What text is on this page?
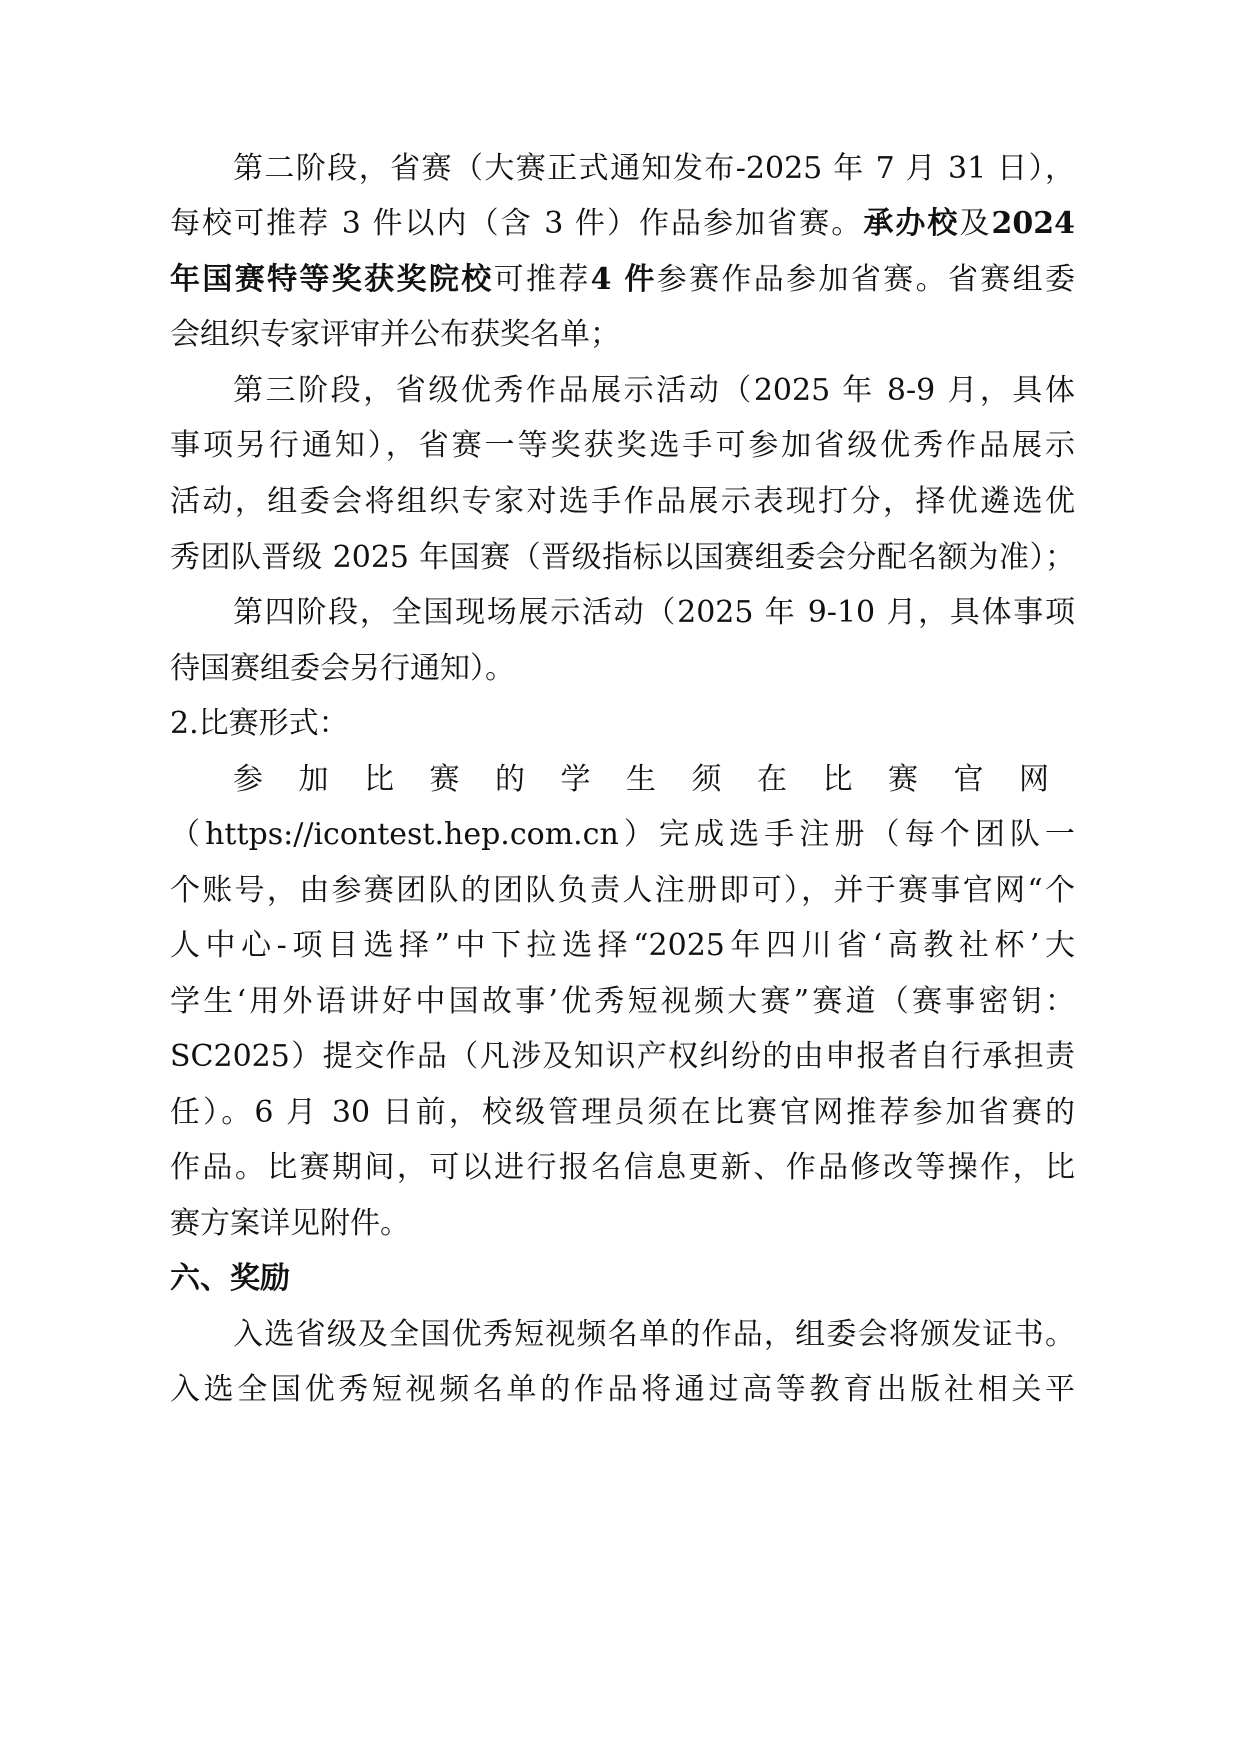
第二阶段，省赛（大赛正式通知发布-2025 年 7 月 31 日），
每校可推荐 3 件以内（含 3 件）作品参加省赛。承办校及2024
年国赛特等奖获奖院校可推荐4 件参赛作品参加省赛。省赛组委
会组织专家评审并公布获奖名单；
第三阶段，省级优秀作品展示活动（2025 年 8-9 月，具体
事项另行通知），省赛一等奖获奖选手可参加省级优秀作品展示
活动，组委会将组织专家对选手作品展示表现打分，择优遴选优
秀团队晋级 2025 年国赛（晋级指标以国赛组委会分配名额为准）；
第四阶段，全国现场展示活动（2025 年 9-10 月，具体事项
待国赛组委会另行通知）。
2.比赛形式：
参加比赛的学生须在比赛官网
（https://icontest.hep.com.cn）完成选手注册（每个团队一
个账号，由参赛团队的团队负责人注册即可），并于赛事官网“个
人中心-项目选择”中下拉选择“2025年四川省‘高教社杯’大
学生‘用外语讲好中国故事’优秀短视频大赛”赛道（赛事密钥：
SC2025）提交作品（凡涉及知识产权纠纷的由申报者自行承担责
任）。6 月 30 日前，校级管理员须在比赛官网推荐参加省赛的
作品。比赛期间，可以进行报名信息更新、作品修改等操作，比
赛方案详见附件。
六、奖励
入选省级及全国优秀短视频名单的作品，组委会将颁发证书。
入选全国优秀短视频名单的作品将通过高等教育出版社相关平
